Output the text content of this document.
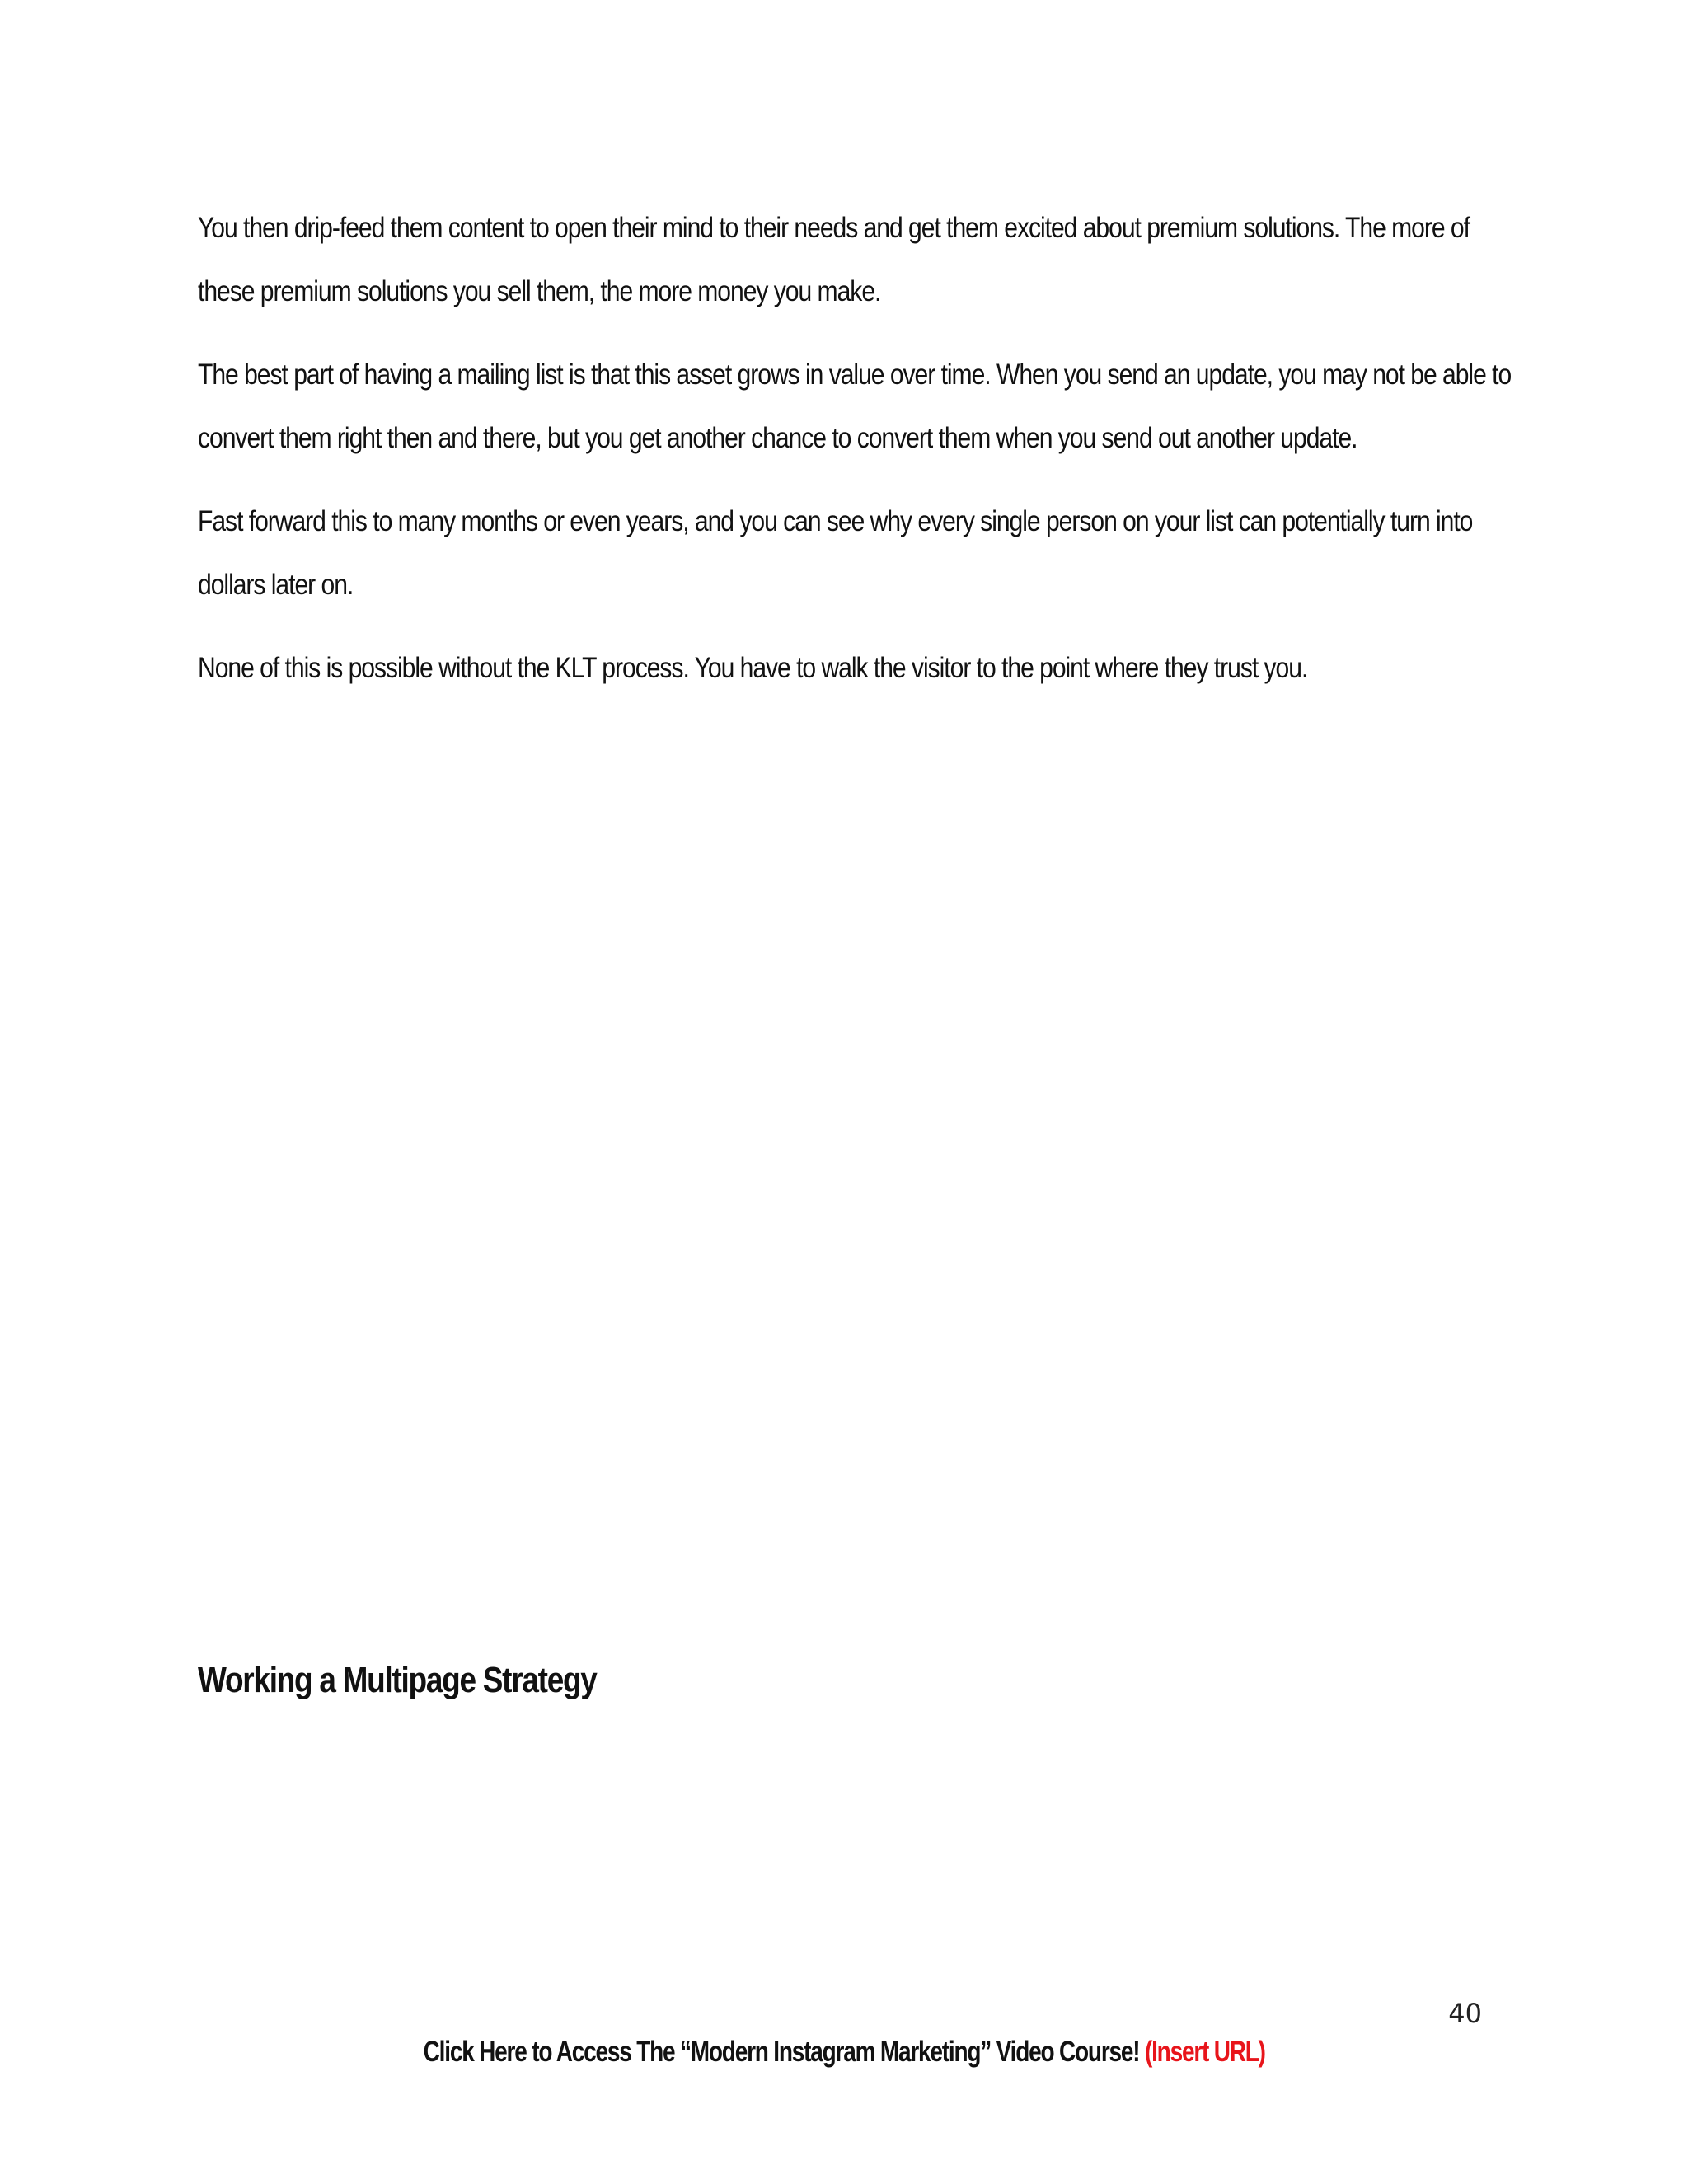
You then drip-feed them content to open their mind to their needs and get them excited about premium solutions. The more of these premium solutions you sell them, the more money you make.

The best part of having a mailing list is that this asset grows in value over time. When you send an update, you may not be able to convert them right then and there, but you get another chance to convert them when you send out another update.

Fast forward this to many months or even years, and you can see why every single person on your list can potentially turn into dollars later on.

None of this is possible without the KLT process. You have to walk the visitor to the point where they trust you.

Working a Multipage Strategy
40
Click Here to Access The “Modern Instagram Marketing” Video Course! (Insert URL)
